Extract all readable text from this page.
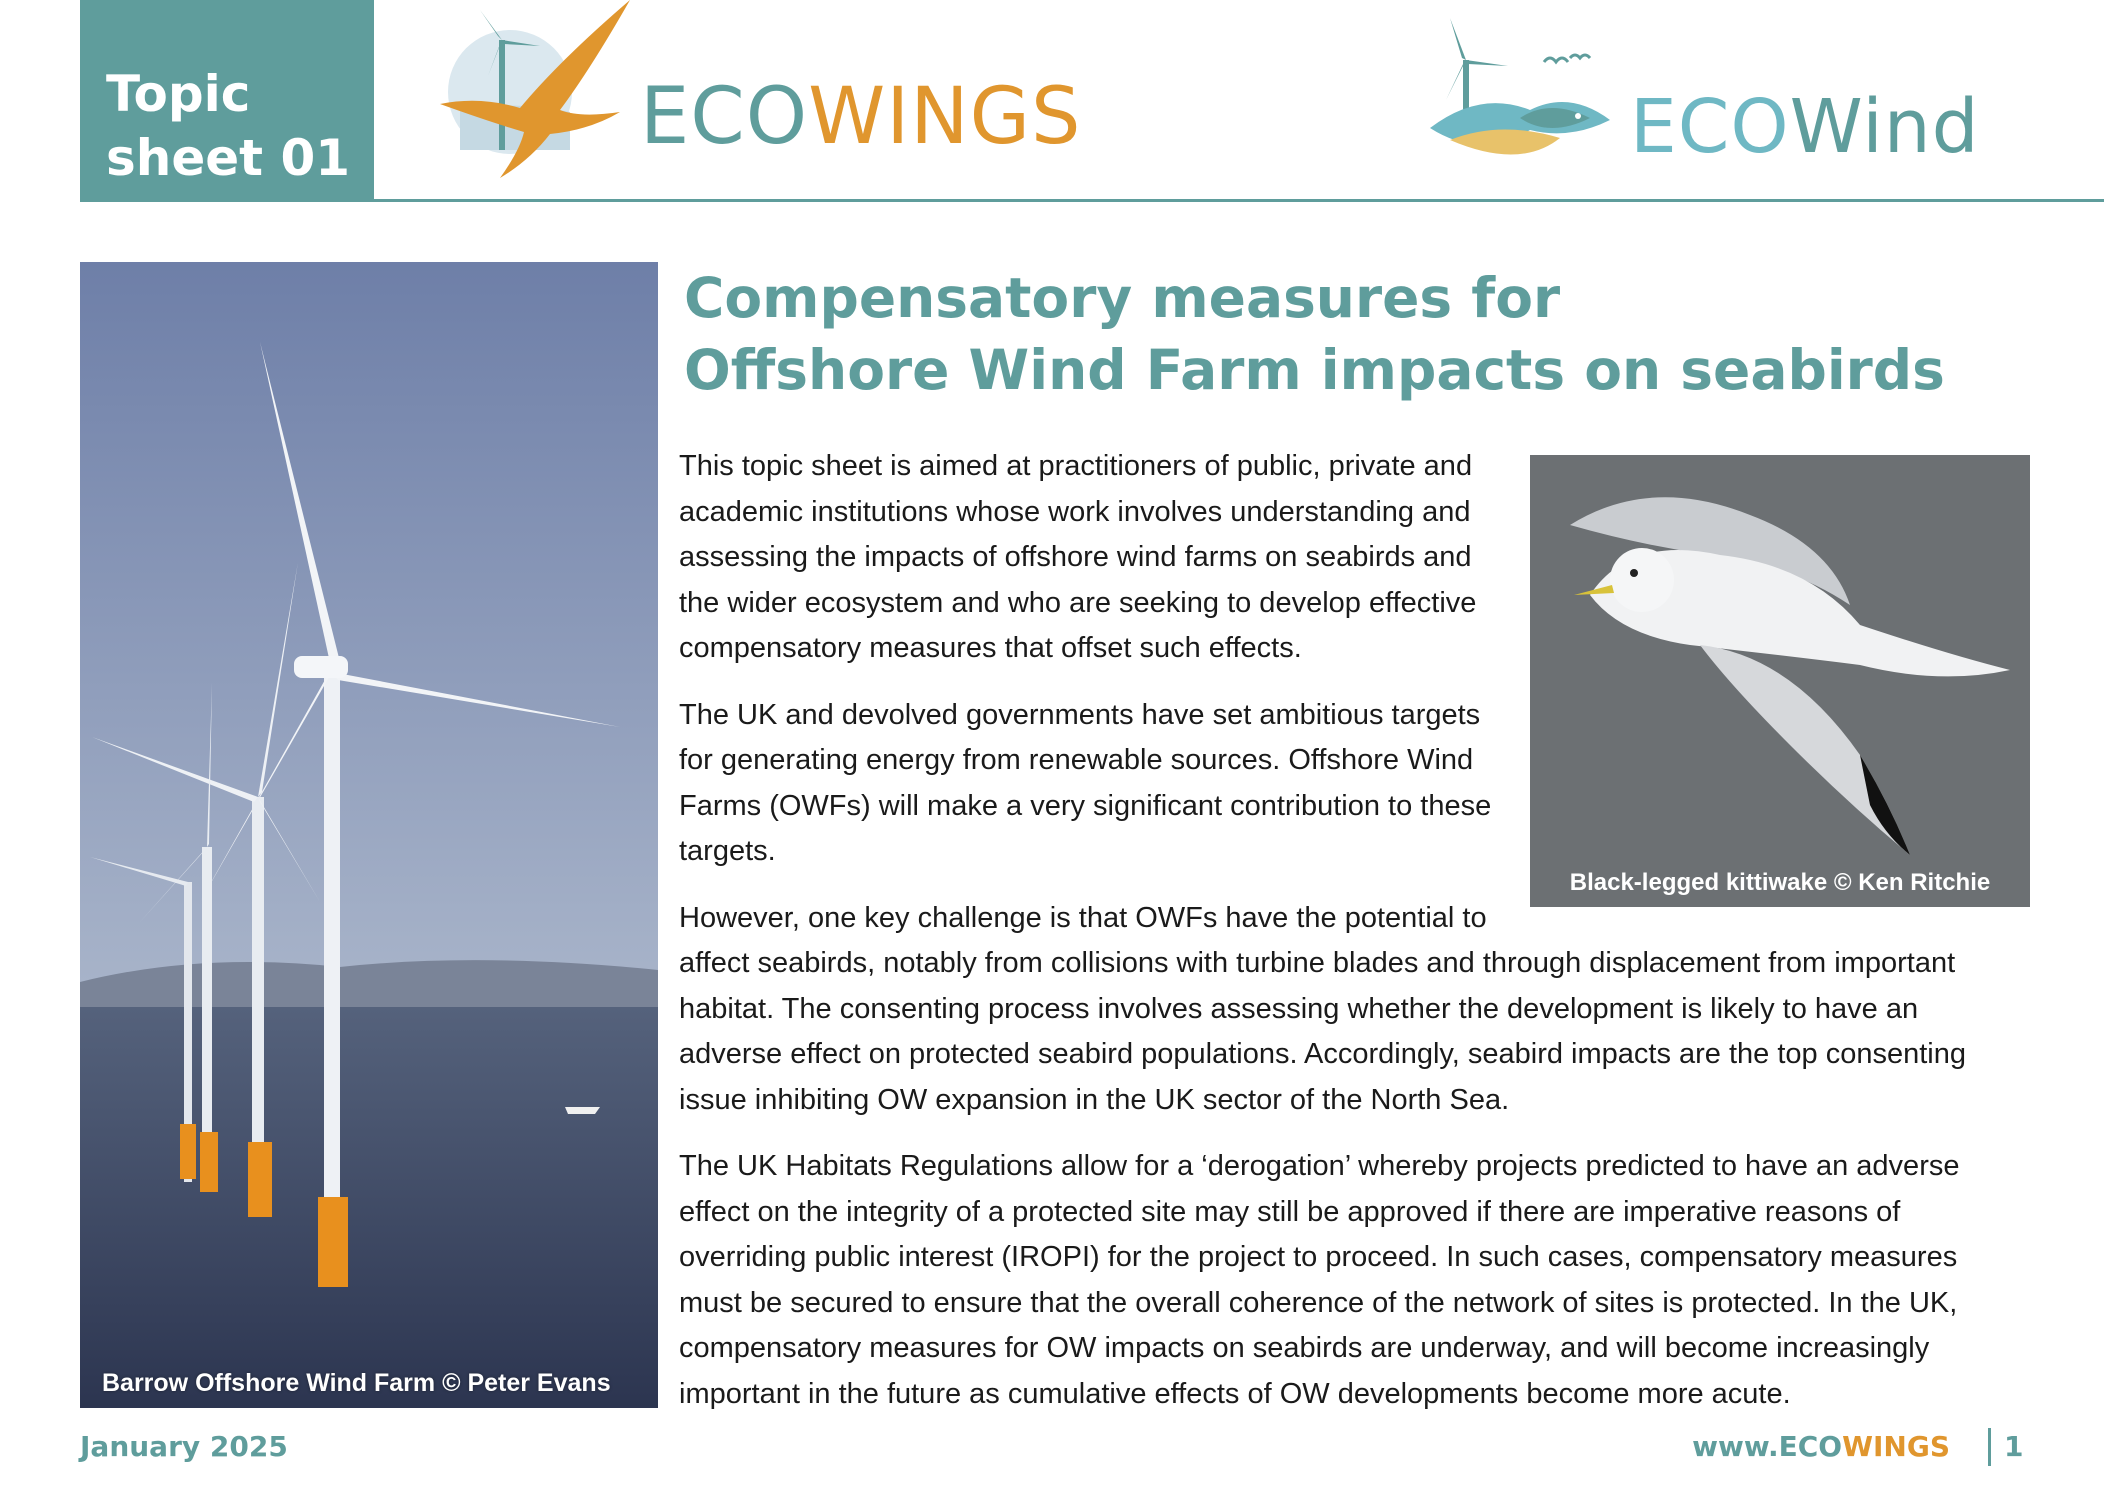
Topic
sheet 01	ECOWINGS	ECOWind
Barrow Offshore Wind Farm © Peter Evans
Compensatory measures for
Offshore Wind Farm impacts on seabirds
Black-legged kittiwake © Ken Ritchie

This topic sheet is aimed at practitioners of public, private and academic institutions whose work involves understanding and assessing the impacts of offshore wind farms on seabirds and the wider ecosystem and who are seeking to develop effective compensatory measures that offset such effects.

The UK and devolved governments have set ambitious targets for generating energy from renewable sources. Offshore Wind Farms (OWFs) will make a very significant contribution to these targets.

However, one key challenge is that OWFs have the potential to affect seabirds, notably from collisions with turbine blades and through displacement from important habitat. The consenting process involves assessing whether the development is likely to have an adverse effect on protected seabird populations. Accordingly, seabird impacts are the top consenting issue inhibiting OW expansion in the UK sector of the North Sea.

The UK Habitats Regulations allow for a ‘derogation’ whereby projects predicted to have an adverse effect on the integrity of a protected site may still be approved if there are imperative reasons of overriding public interest (IROPI) for the project to proceed. In such cases, compensatory measures must be secured to ensure that the overall coherence of the network of sites is protected. In the UK, compensatory measures for OW impacts on seabirds are underway, and will become increasingly important in the future as cumulative effects of OW developments become more acute.

January 2025	www.ECOWINGS 1
